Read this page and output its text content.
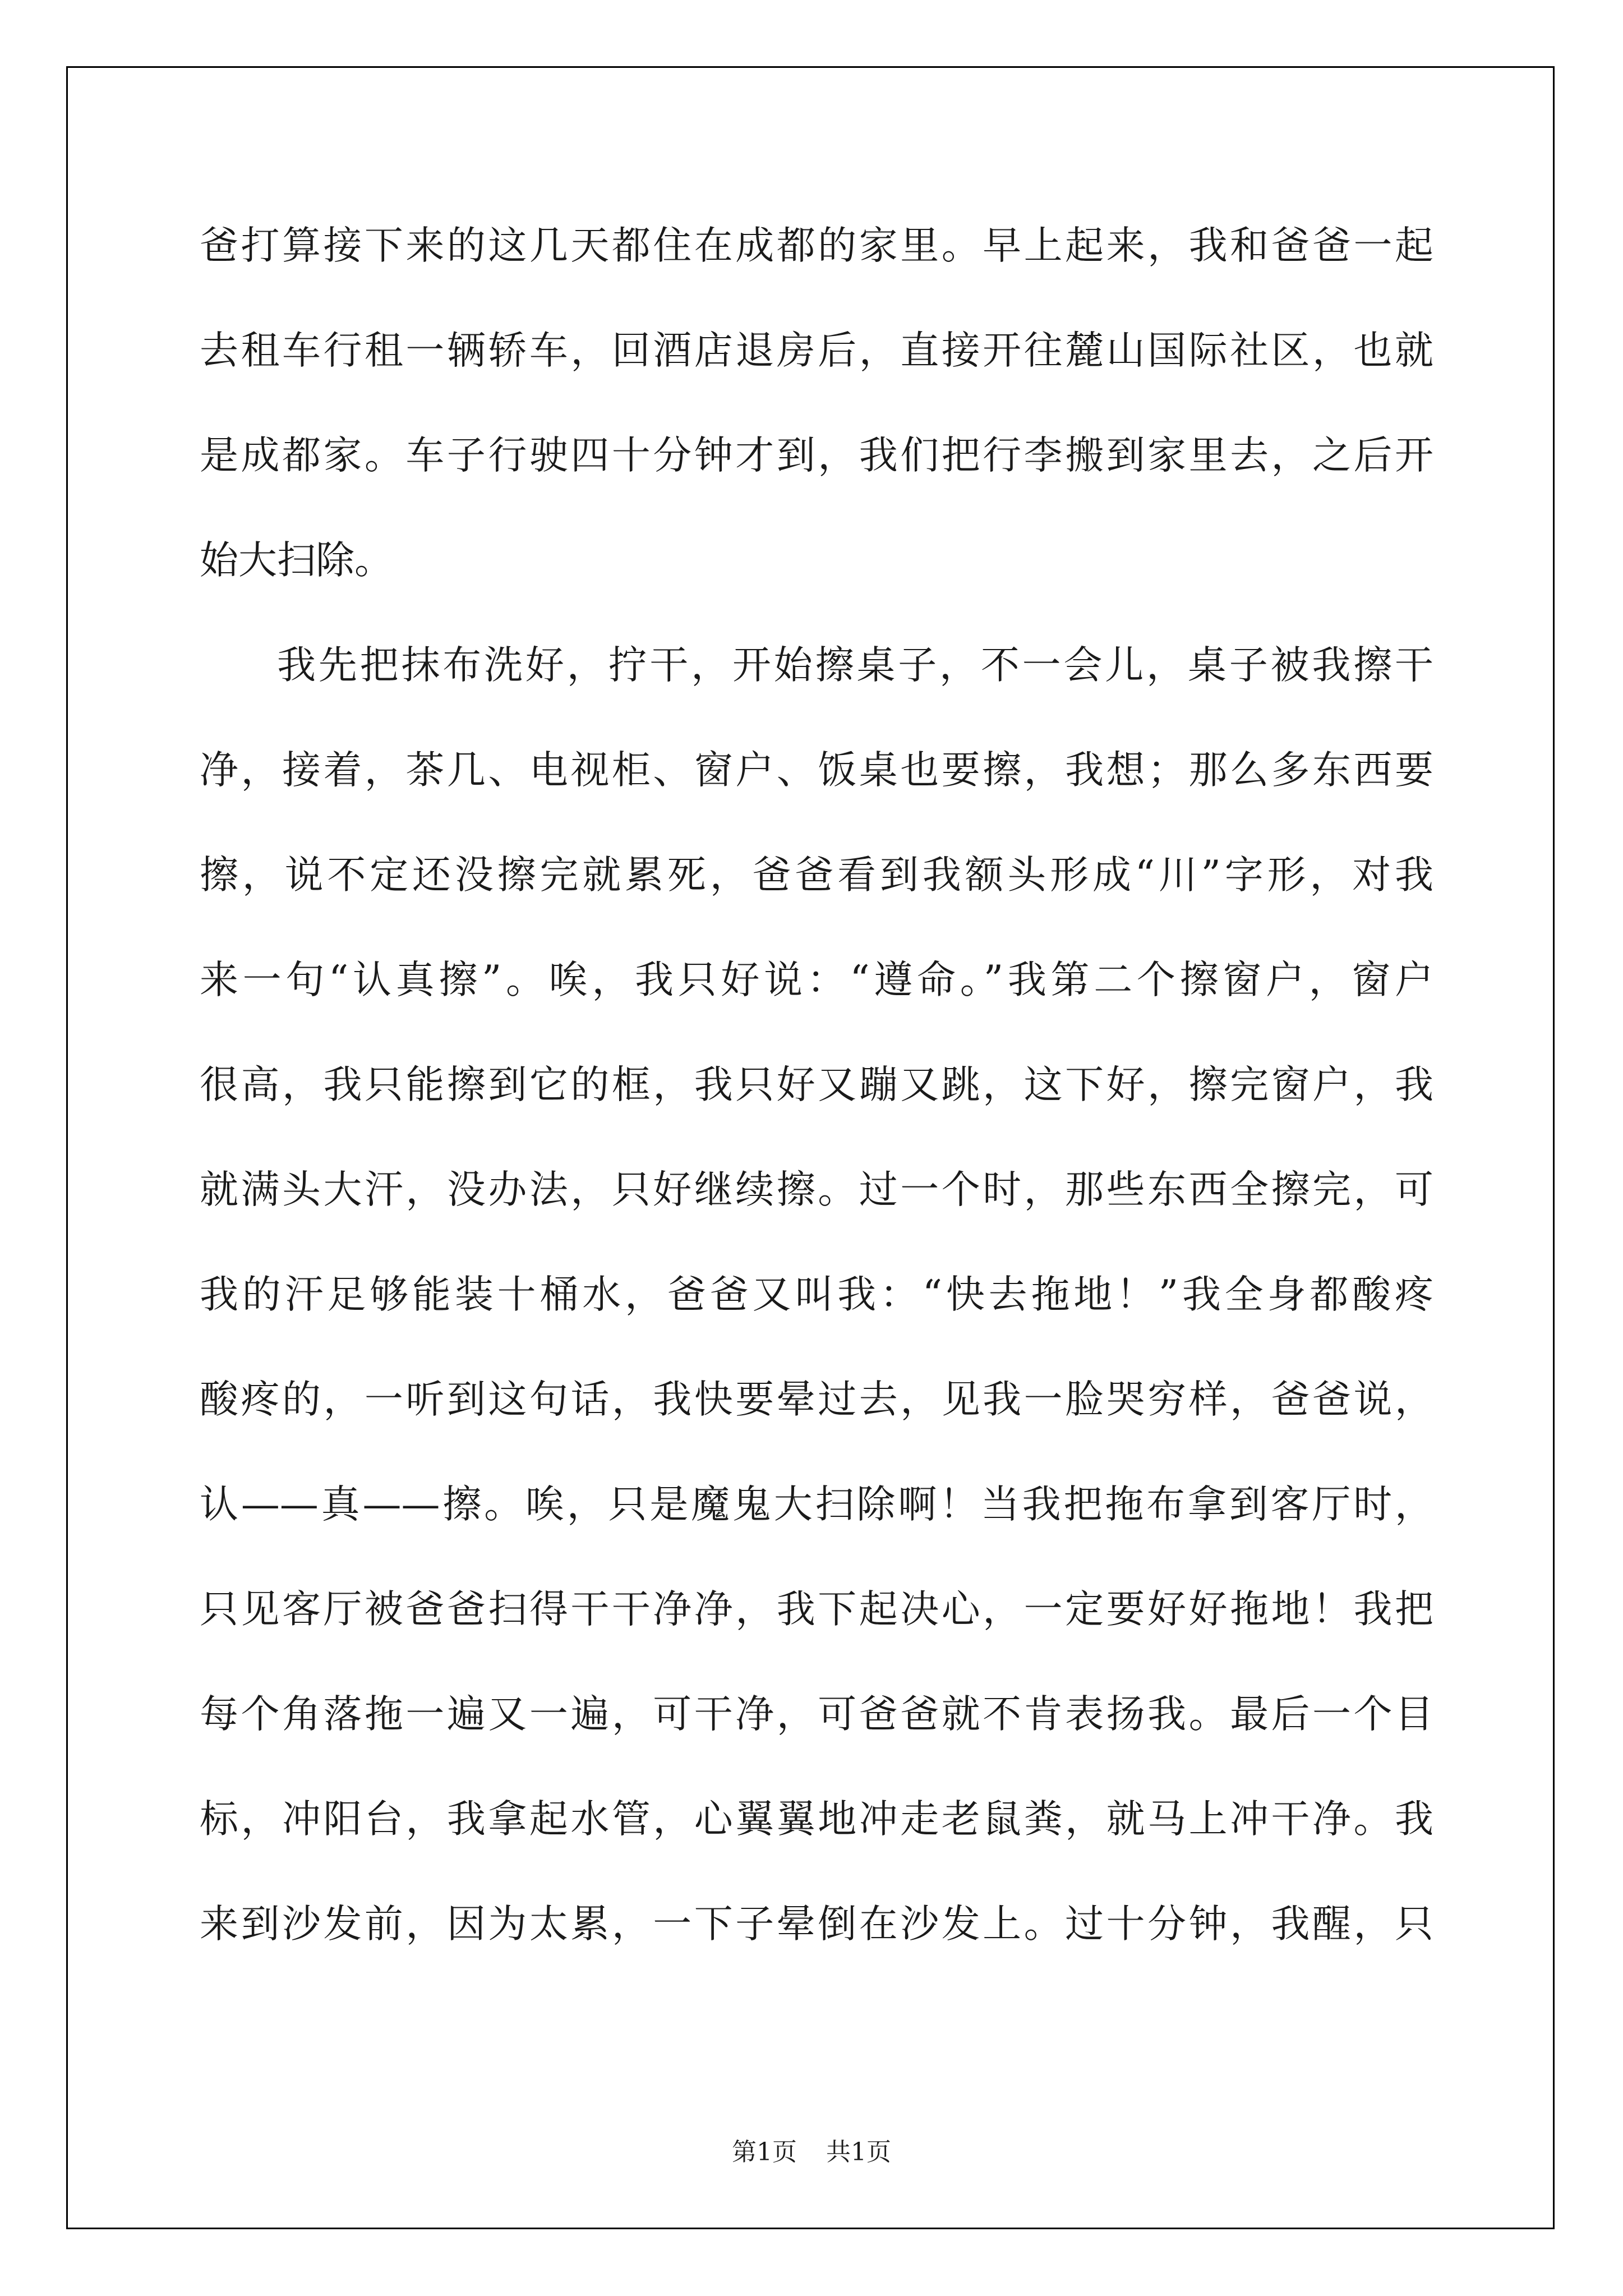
爸打算接下来的这几天都住在成都的家里。早上起来，我和爸爸一起
去租车行租一辆轿车，回酒店退房后，直接开往麓山国际社区，也就
是成都家。车子行驶四十分钟才到，我们把行李搬到家里去，之后开
始大扫除。
我先把抹布洗好，拧干，开始擦桌子，不一会儿，桌子被我擦干
净，接着，茶几、电视柜、窗户、饭桌也要擦，我想；那么多东西要
擦，说不定还没擦完就累死，爸爸看到我额头形成“川”字形，对我
来一句“认真擦”。唉，我只好说：“遵命。”我第二个擦窗户，窗户
很高，我只能擦到它的框，我只好又蹦又跳，这下好，擦完窗户，我
就满头大汗，没办法，只好继续擦。过一个时，那些东西全擦完，可
我的汗足够能装十桶水，爸爸又叫我：“快去拖地！”我全身都酸疼
酸疼的，一听到这句话，我快要晕过去，见我一脸哭穷样，爸爸说，
认——真——擦。唉，只是魔鬼大扫除啊！当我把拖布拿到客厅时，
只见客厅被爸爸扫得干干净净，我下起决心，一定要好好拖地！我把
每个角落拖一遍又一遍，可干净，可爸爸就不肯表扬我。最后一个目
标，冲阳台，我拿起水管，心翼翼地冲走老鼠粪，就马上冲干净。我
来到沙发前，因为太累，一下子晕倒在沙发上。过十分钟，我醒，只
第1页 共1页
